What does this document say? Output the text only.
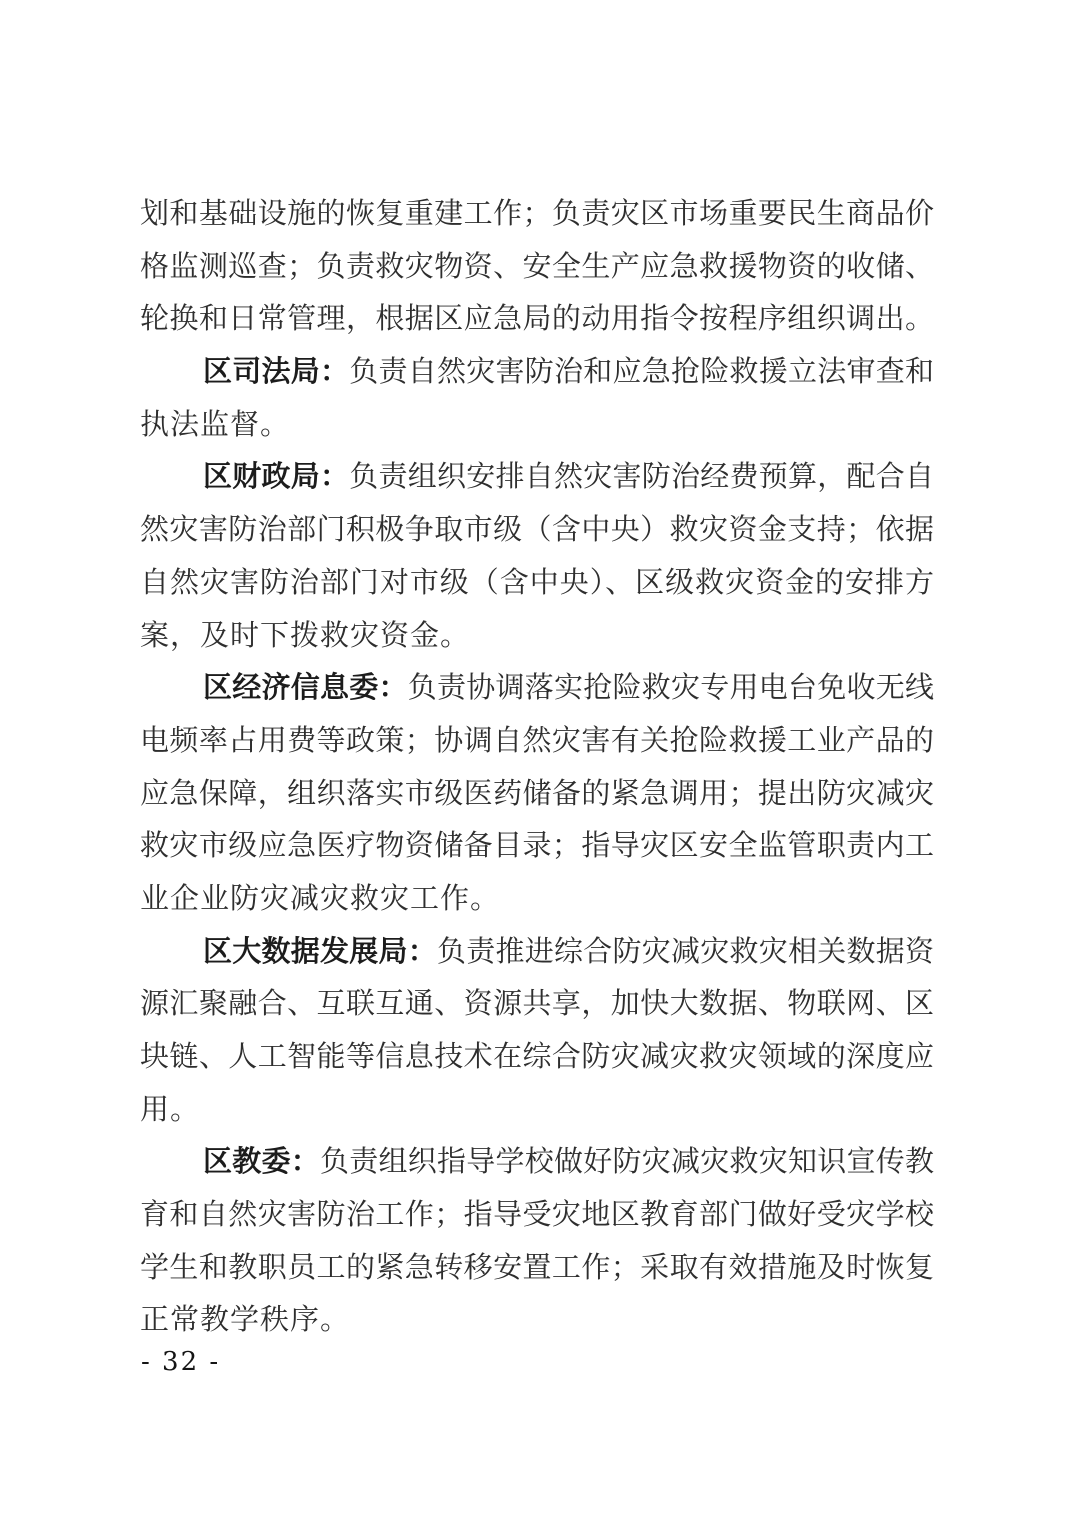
划和基础设施的恢复重建工作；负责灾区市场重要民生商品价
格监测巡查；负责救灾物资、安全生产应急救援物资的收储、
轮换和日常管理，根据区应急局的动用指令按程序组织调出。
区司法局：负责自然灾害防治和应急抢险救援立法审查和
执法监督。
区财政局：负责组织安排自然灾害防治经费预算，配合自
然灾害防治部门积极争取市级（含中央）救灾资金支持；依据
自然灾害防治部门对市级（含中央）、区级救灾资金的安排方
案，及时下拨救灾资金。
区经济信息委：负责协调落实抢险救灾专用电台免收无线
电频率占用费等政策；协调自然灾害有关抢险救援工业产品的
应急保障，组织落实市级医药储备的紧急调用；提出防灾减灾
救灾市级应急医疗物资储备目录；指导灾区安全监管职责内工
业企业防灾减灾救灾工作。
区大数据发展局：负责推进综合防灾减灾救灾相关数据资
源汇聚融合、互联互通、资源共享，加快大数据、物联网、区
块链、人工智能等信息技术在综合防灾减灾救灾领域的深度应
用。
区教委：负责组织指导学校做好防灾减灾救灾知识宣传教
育和自然灾害防治工作；指导受灾地区教育部门做好受灾学校
学生和教职员工的紧急转移安置工作；采取有效措施及时恢复
正常教学秩序。
- 32 -
